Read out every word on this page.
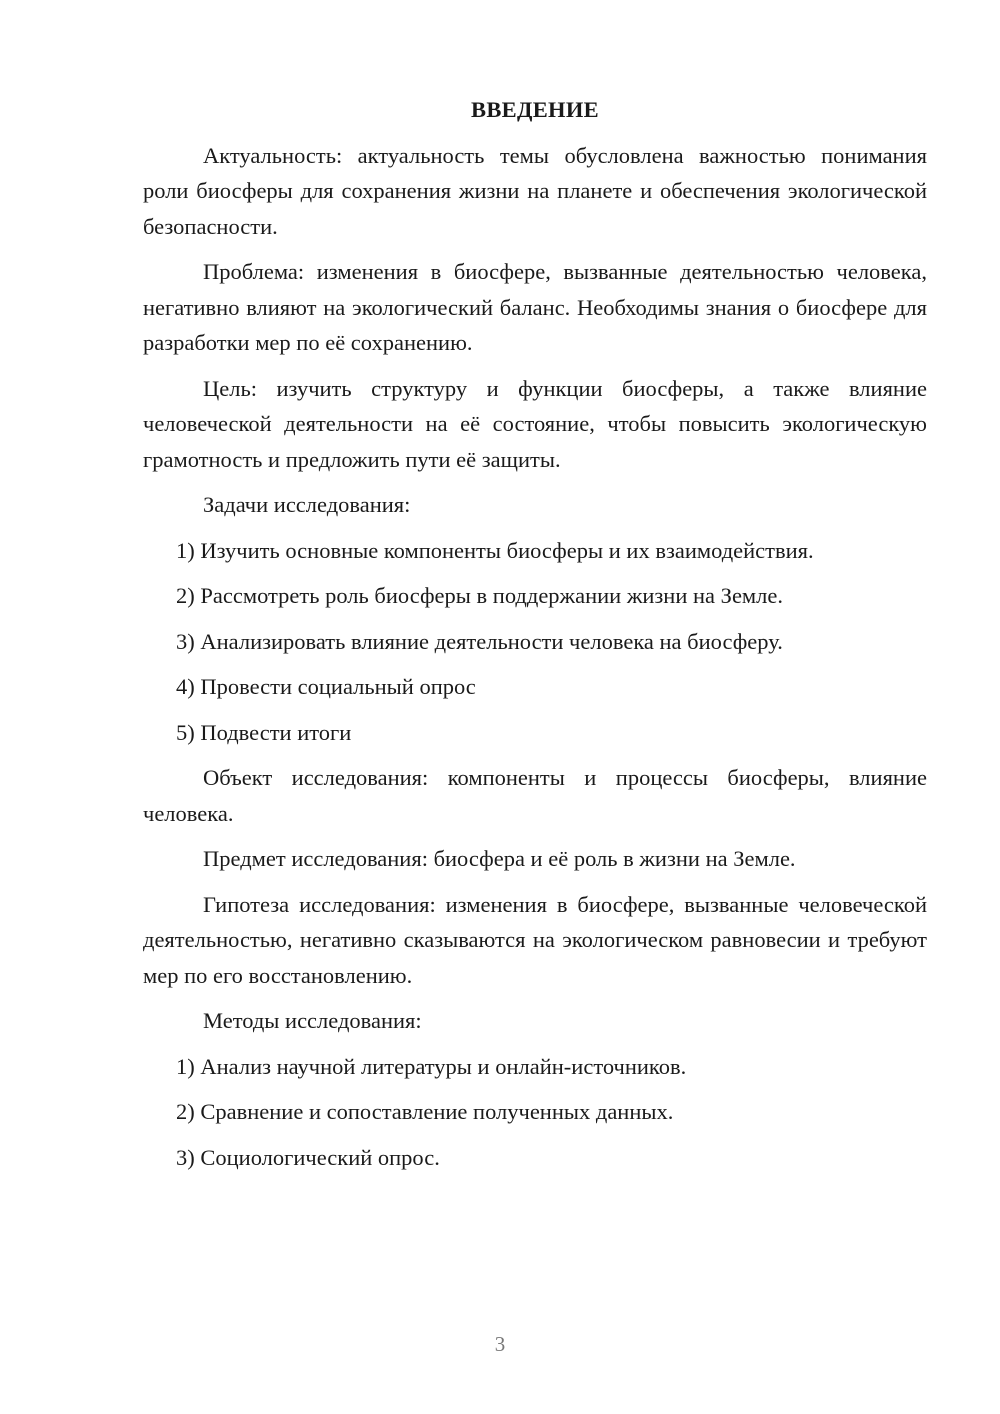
ВВЕДЕНИЕ

Актуальность: актуальность темы обусловлена важностью понимания роли биосферы для сохранения жизни на планете и обеспечения экологической безопасности.

Проблема: изменения в биосфере, вызванные деятельностью человека, негативно влияют на экологический баланс. Необходимы знания о биосфере для разработки мер по её сохранению.

Цель: изучить структуру и функции биосферы, а также влияние человеческой деятельности на её состояние, чтобы повысить экологическую грамотность и предложить пути её защиты.

Задачи исследования:

1) Изучить основные компоненты биосферы и их взаимодействия.
2) Рассмотреть роль биосферы в поддержании жизни на Земле.
3) Анализировать влияние деятельности человека на биосферу.
4) Провести социальный опрос
5) Подвести итоги

Объект исследования: компоненты и процессы биосферы, влияние человека.

Предмет исследования: биосфера и её роль в жизни на Земле.

Гипотеза исследования: изменения в биосфере, вызванные человеческой деятельностью, негативно сказываются на экологическом равновесии и требуют мер по его восстановлению.

Методы исследования:

1) Анализ научной литературы и онлайн-источников.
2) Сравнение и сопоставление полученных данных.
3) Социологический опрос.
3
